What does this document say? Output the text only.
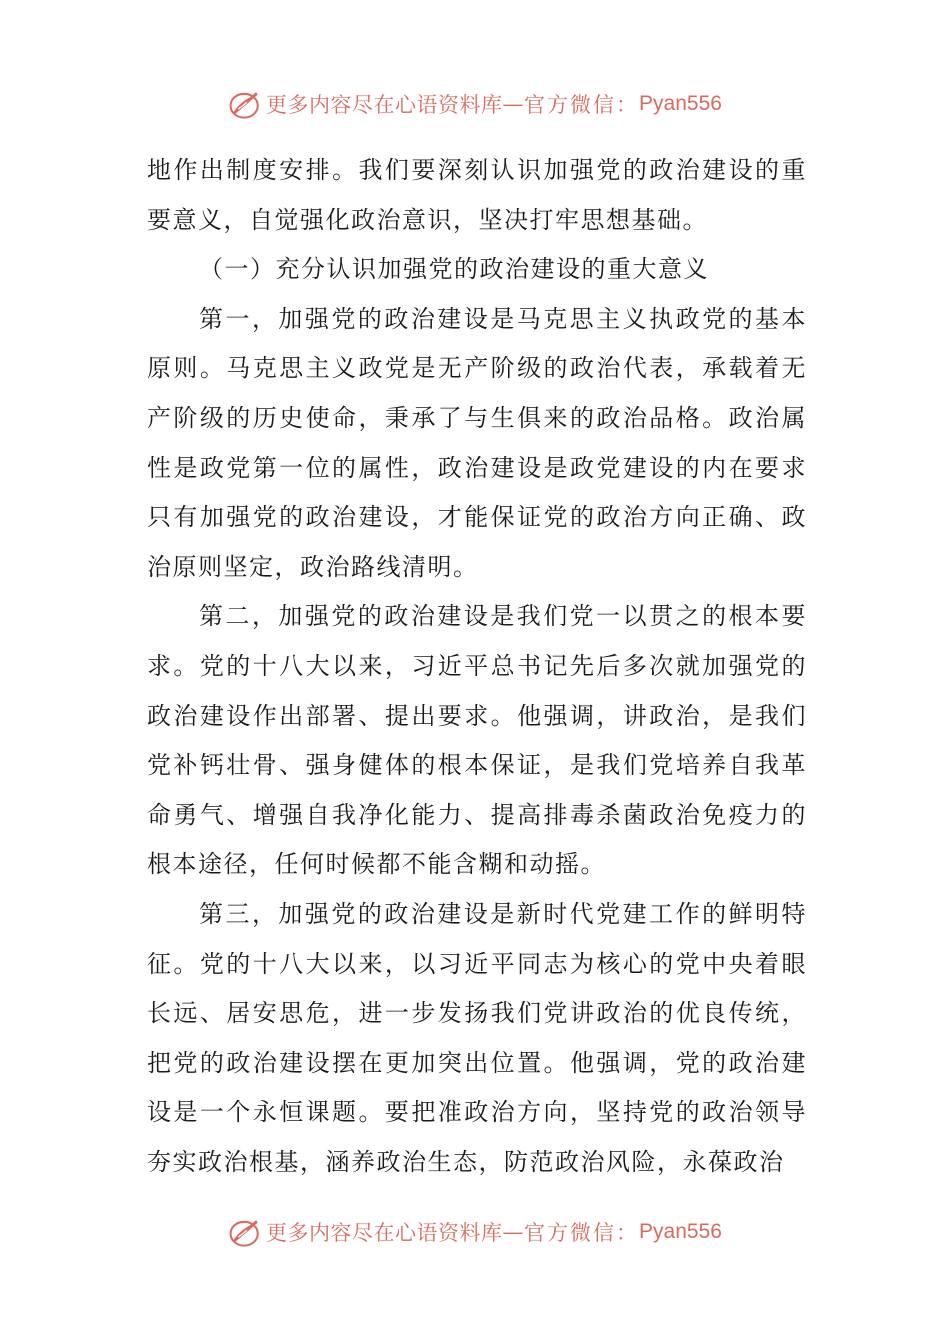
更多内容尽在心语资料库 — 官方微信： Pyan556

地作出制度安排。我们要深刻认识加强党的政治建设的重要意义，自觉强化政治意识，坚决打牢思想基础。

（一）充分认识加强党的政治建设的重大意义

第一，加强党的政治建设是马克思主义执政党的基本原则。马克思主义政党是无产阶级的政治代表，承载着无产阶级的历史使命，秉承了与生俱来的政治品格。政治属性是政党第一位的属性，政治建设是政党建设的内在要求只有加强党的政治建设，才能保证党的政治方向正确、政治原则坚定，政治路线清明。

第二，加强党的政治建设是我们党一以贯之的根本要求。党的十八大以来，习近平总书记先后多次就加强党的政治建设作出部署、提出要求。他强调，讲政治，是我们党补钙壮骨、强身健体的根本保证，是我们党培养自我革命勇气、增强自我净化能力、提高排毒杀菌政治免疫力的根本途径，任何时候都不能含糊和动摇。

第三，加强党的政治建设是新时代党建工作的鲜明特征。党的十八大以来，以习近平同志为核心的党中央着眼长远、居安思危，进一步发扬我们党讲政治的优良传统，把党的政治建设摆在更加突出位置。他强调，党的政治建设是一个永恒课题。要把准政治方向，坚持党的政治领导夯实政治根基，涵养政治生态，防范政治风险，永葆政治

更多内容尽在心语资料库 — 官方微信： Pyan556
